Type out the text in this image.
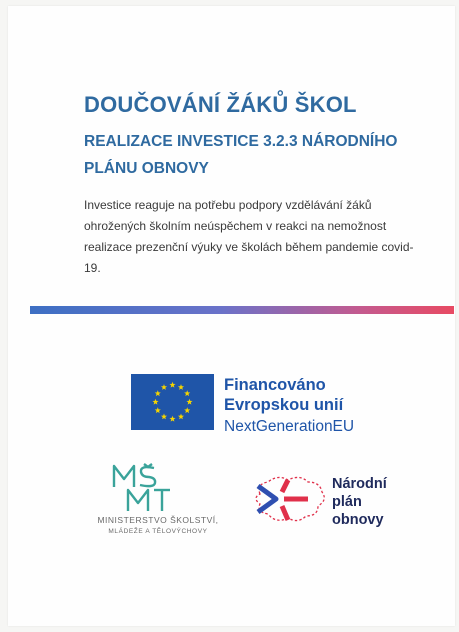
DOUČOVÁNÍ ŽÁKŮ ŠKOL
REALIZACE INVESTICE 3.2.3 NÁRODNÍHO PLÁNU OBNOVY
Investice reaguje na potřebu podpory vzdělávání žáků ohrožených školním neúspěchem v reakci na nemožnost realizace prezenční výuky ve školách během pandemie covid-19.
Financováno
Evropskou unií
NextGenerationEU
MINISTERSTVO ŠKOLSTVÍ,
MLÁDEŽE A TĚLOVÝCHOVY
Národní
plán
obnovy
